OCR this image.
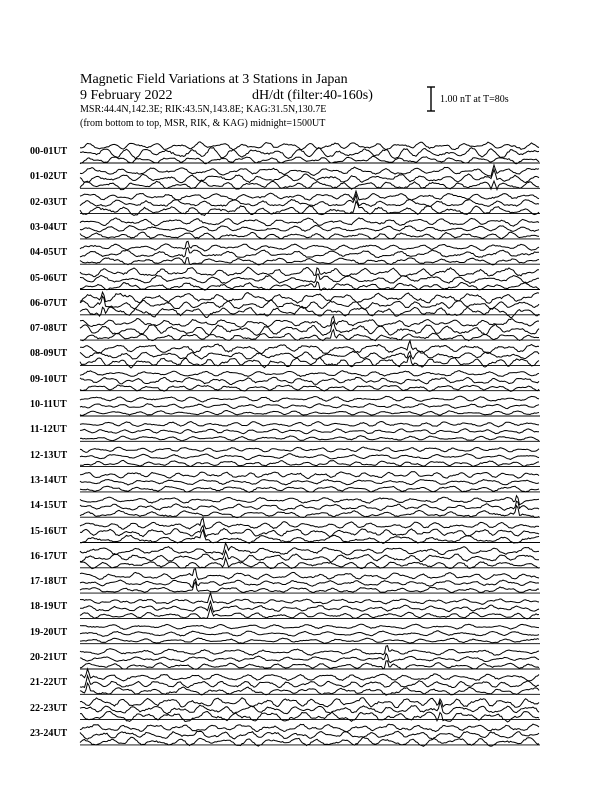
Magnetic Field Variations at 3 Stations in Japan
9 February 2022	dH/dt (filter:40-160s)
MSR:44.4N,142.3E; RIK:43.5N,143.8E; KAG:31.5N,130.7E
(from bottom to top, MSR, RIK, & KAG) midnight=1500UT
1.00 nT at T=80s
00-01UT
01-02UT
02-03UT
03-04UT
04-05UT
05-06UT
06-07UT
07-08UT
08-09UT
09-10UT
10-11UT
11-12UT
12-13UT
13-14UT
14-15UT
15-16UT
16-17UT
17-18UT
18-19UT
19-20UT
20-21UT
21-22UT
22-23UT
23-24UT
